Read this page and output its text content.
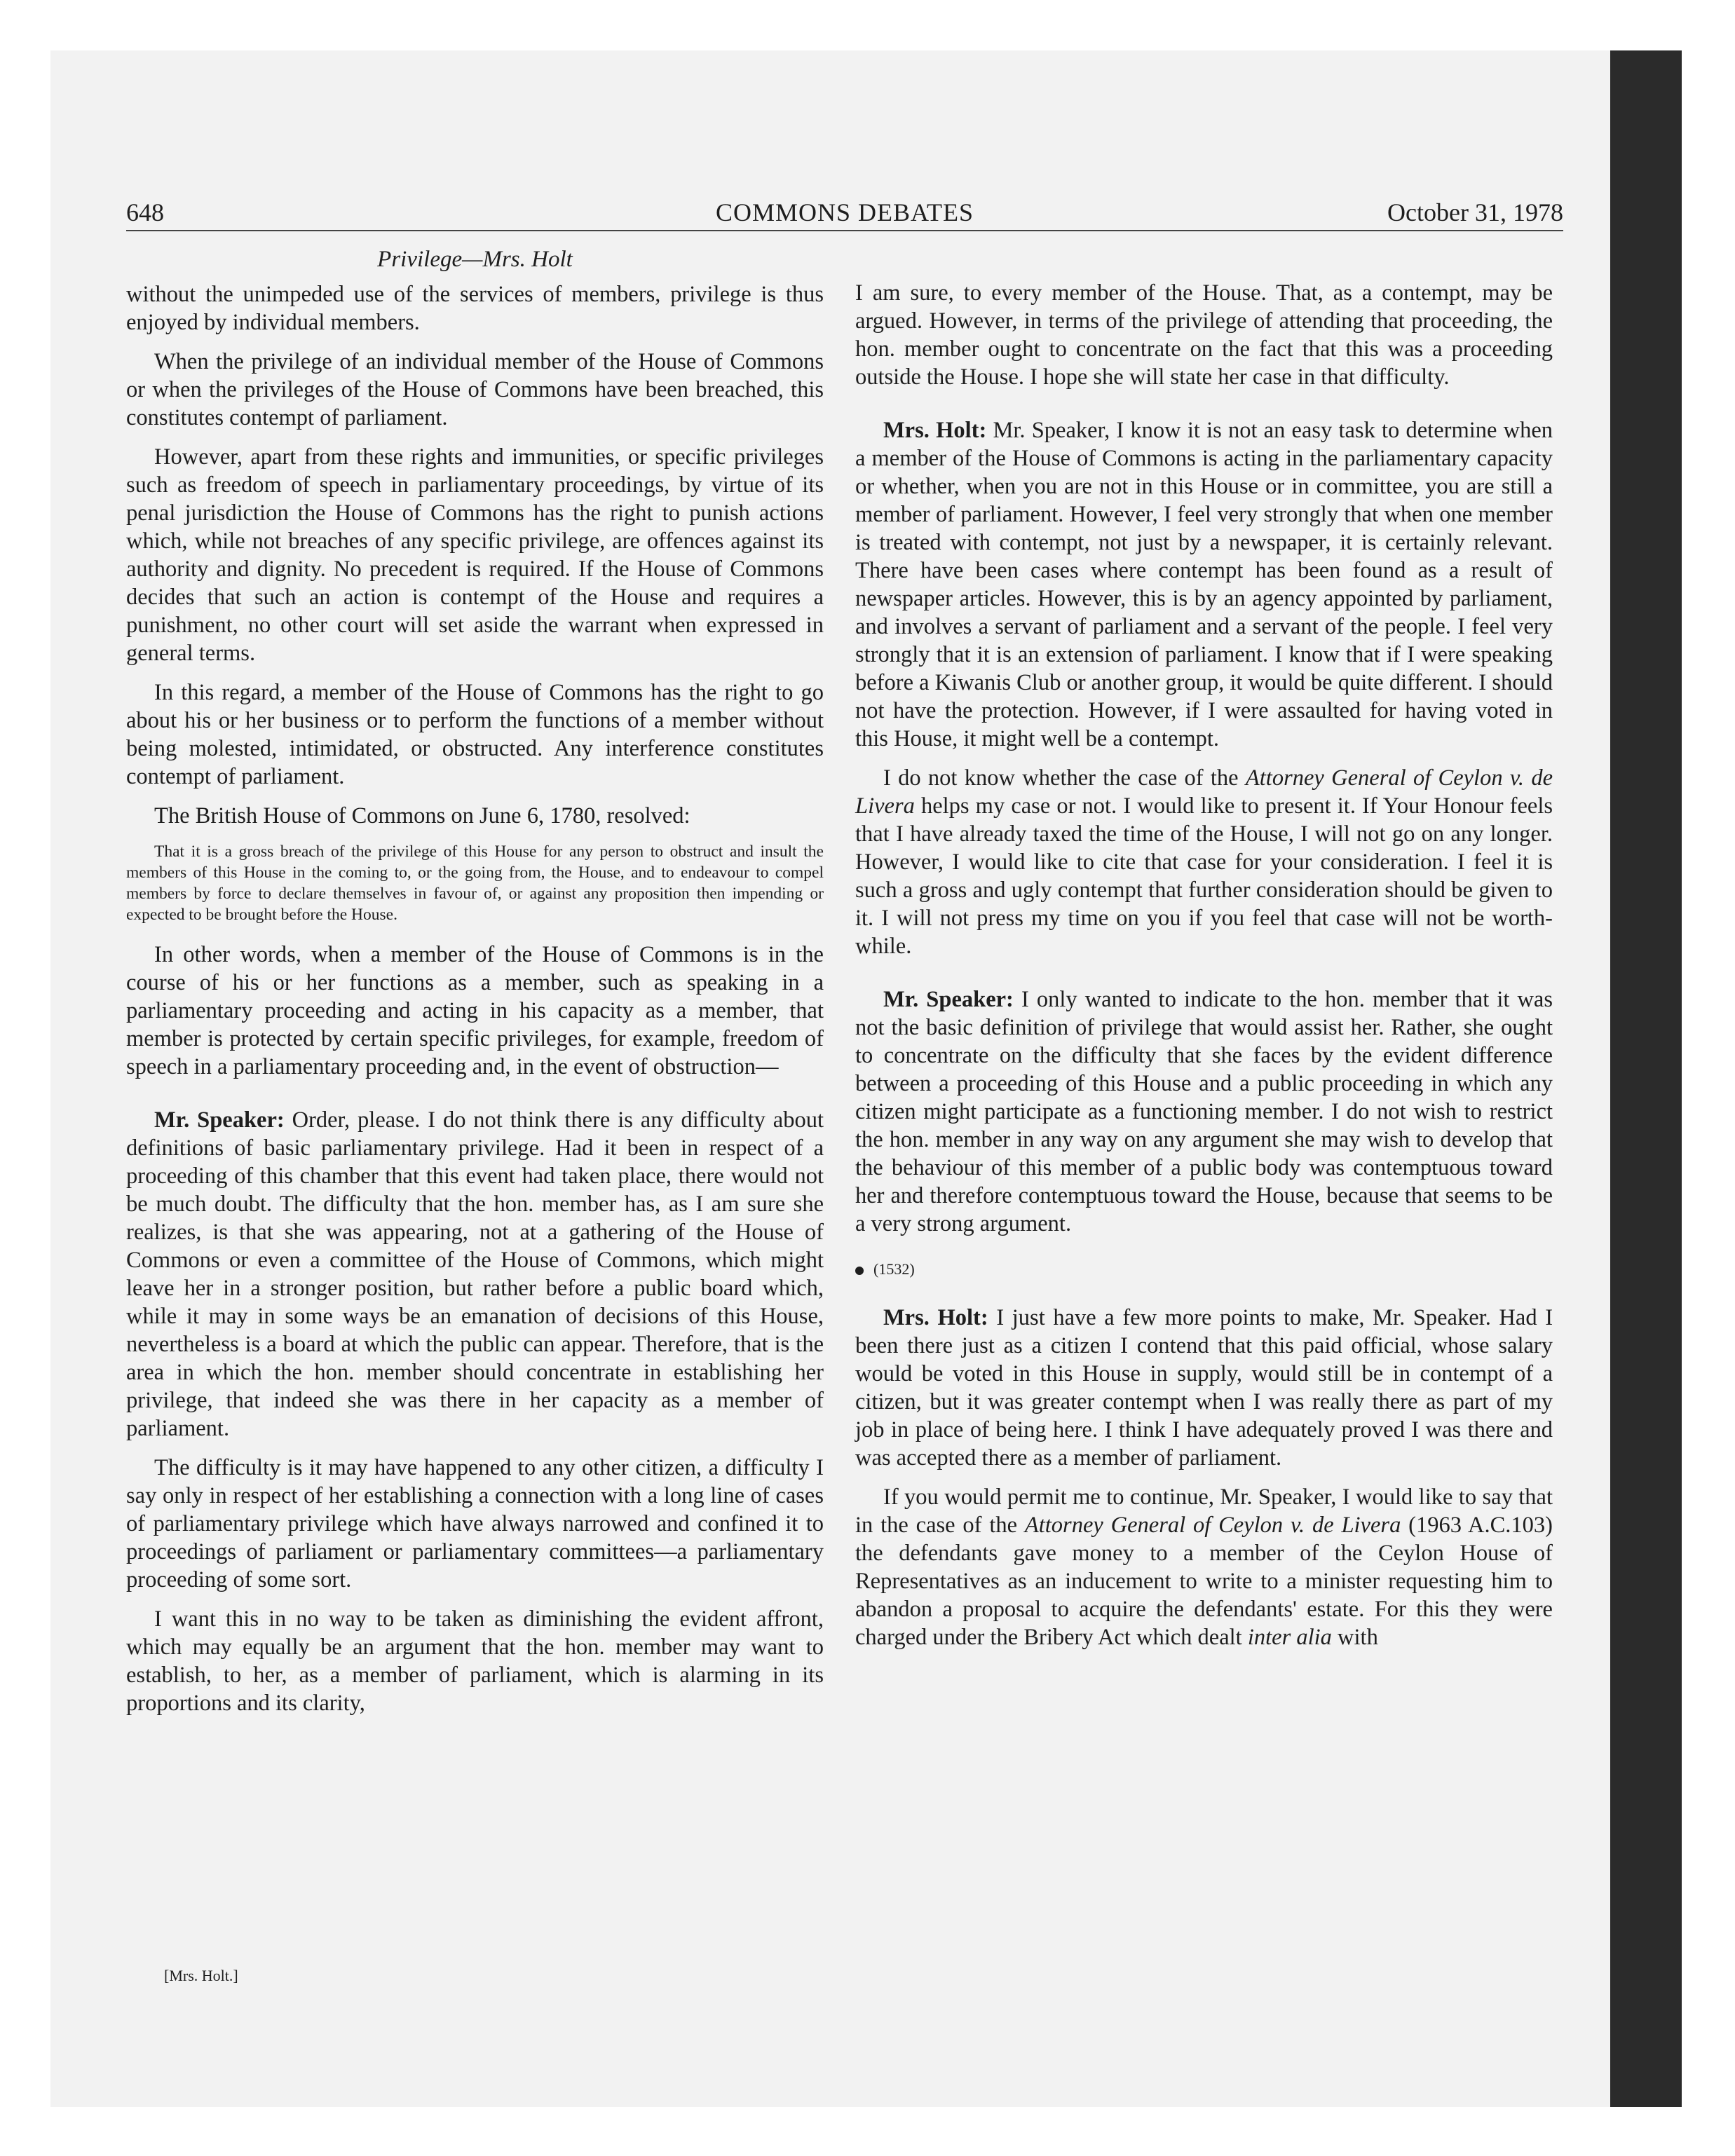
648	COMMONS DEBATES	October 31, 1978
Privilege—Mrs. Holt

without the unimpeded use of the services of members, privilege is thus enjoyed by individual members.

When the privilege of an individual member of the House of Commons or when the privileges of the House of Commons have been breached, this constitutes contempt of parliament.

However, apart from these rights and immunities, or specific privileges such as freedom of speech in parliamentary proceedings, by virtue of its penal jurisdiction the House of Commons has the right to punish actions which, while not breaches of any specific privilege, are offences against its authority and dignity. No precedent is required. If the House of Commons decides that such an action is contempt of the House and requires a punishment, no other court will set aside the warrant when expressed in general terms.

In this regard, a member of the House of Commons has the right to go about his or her business or to perform the functions of a member without being molested, intimidated, or obstructed. Any interference constitutes contempt of parliament.

The British House of Commons on June 6, 1780, resolved:

That it is a gross breach of the privilege of this House for any person to obstruct and insult the members of this House in the coming to, or the going from, the House, and to endeavour to compel members by force to declare themselves in favour of, or against any proposition then impending or expected to be brought before the House.

In other words, when a member of the House of Commons is in the course of his or her functions as a member, such as speaking in a parliamentary proceeding and acting in his capacity as a member, that member is protected by certain specific privileges, for example, freedom of speech in a parliamentary proceeding and, in the event of obstruction—

Mr. Speaker: Order, please. I do not think there is any difficulty about definitions of basic parliamentary privilege. Had it been in respect of a proceeding of this chamber that this event had taken place, there would not be much doubt. The difficulty that the hon. member has, as I am sure she realizes, is that she was appearing, not at a gathering of the House of Commons or even a committee of the House of Commons, which might leave her in a stronger position, but rather before a public board which, while it may in some ways be an emanation of decisions of this House, nevertheless is a board at which the public can appear. Therefore, that is the area in which the hon. member should concentrate in establishing her privilege, that indeed she was there in her capacity as a member of parliament.

The difficulty is it may have happened to any other citizen, a difficulty I say only in respect of her establishing a connection with a long line of cases of parliamentary privilege which have always narrowed and confined it to proceedings of parliament or parliamentary committees—a parliamentary proceeding of some sort.

I want this in no way to be taken as diminishing the evident affront, which may equally be an argument that the hon. member may want to establish, to her, as a member of parliament, which is alarming in its proportions and its clarity,

[Mrs. Holt.]

I am sure, to every member of the House. That, as a contempt, may be argued. However, in terms of the privilege of attending that proceeding, the hon. member ought to concentrate on the fact that this was a proceeding outside the House. I hope she will state her case in that difficulty.

Mrs. Holt: Mr. Speaker, I know it is not an easy task to determine when a member of the House of Commons is acting in the parliamentary capacity or whether, when you are not in this House or in committee, you are still a member of parliament. However, I feel very strongly that when one member is treated with contempt, not just by a newspaper, it is certainly relevant. There have been cases where contempt has been found as a result of newspaper articles. However, this is by an agency appointed by parliament, and involves a servant of parliament and a servant of the people. I feel very strongly that it is an extension of parliament. I know that if I were speaking before a Kiwanis Club or another group, it would be quite different. I should not have the protection. However, if I were assaulted for having voted in this House, it might well be a contempt.

I do not know whether the case of the Attorney General of Ceylon v. de Livera helps my case or not. I would like to present it. If Your Honour feels that I have already taxed the time of the House, I will not go on any longer. However, I would like to cite that case for your consideration. I feel it is such a gross and ugly contempt that further consideration should be given to it. I will not press my time on you if you feel that case will not be worth-while.

Mr. Speaker: I only wanted to indicate to the hon. member that it was not the basic definition of privilege that would assist her. Rather, she ought to concentrate on the difficulty that she faces by the evident difference between a proceeding of this House and a public proceeding in which any citizen might participate as a functioning member. I do not wish to restrict the hon. member in any way on any argument she may wish to develop that the behaviour of this member of a public body was contemptuous toward her and therefore contemptuous toward the House, because that seems to be a very strong argument.

(1532)

Mrs. Holt: I just have a few more points to make, Mr. Speaker. Had I been there just as a citizen I contend that this paid official, whose salary would be voted in this House in supply, would still be in contempt of a citizen, but it was greater contempt when I was really there as part of my job in place of being here. I think I have adequately proved I was there and was accepted there as a member of parliament.

If you would permit me to continue, Mr. Speaker, I would like to say that in the case of the Attorney General of Ceylon v. de Livera (1963 A.C.103) the defendants gave money to a member of the Ceylon House of Representatives as an inducement to write to a minister requesting him to abandon a proposal to acquire the defendants' estate. For this they were charged under the Bribery Act which dealt inter alia with
